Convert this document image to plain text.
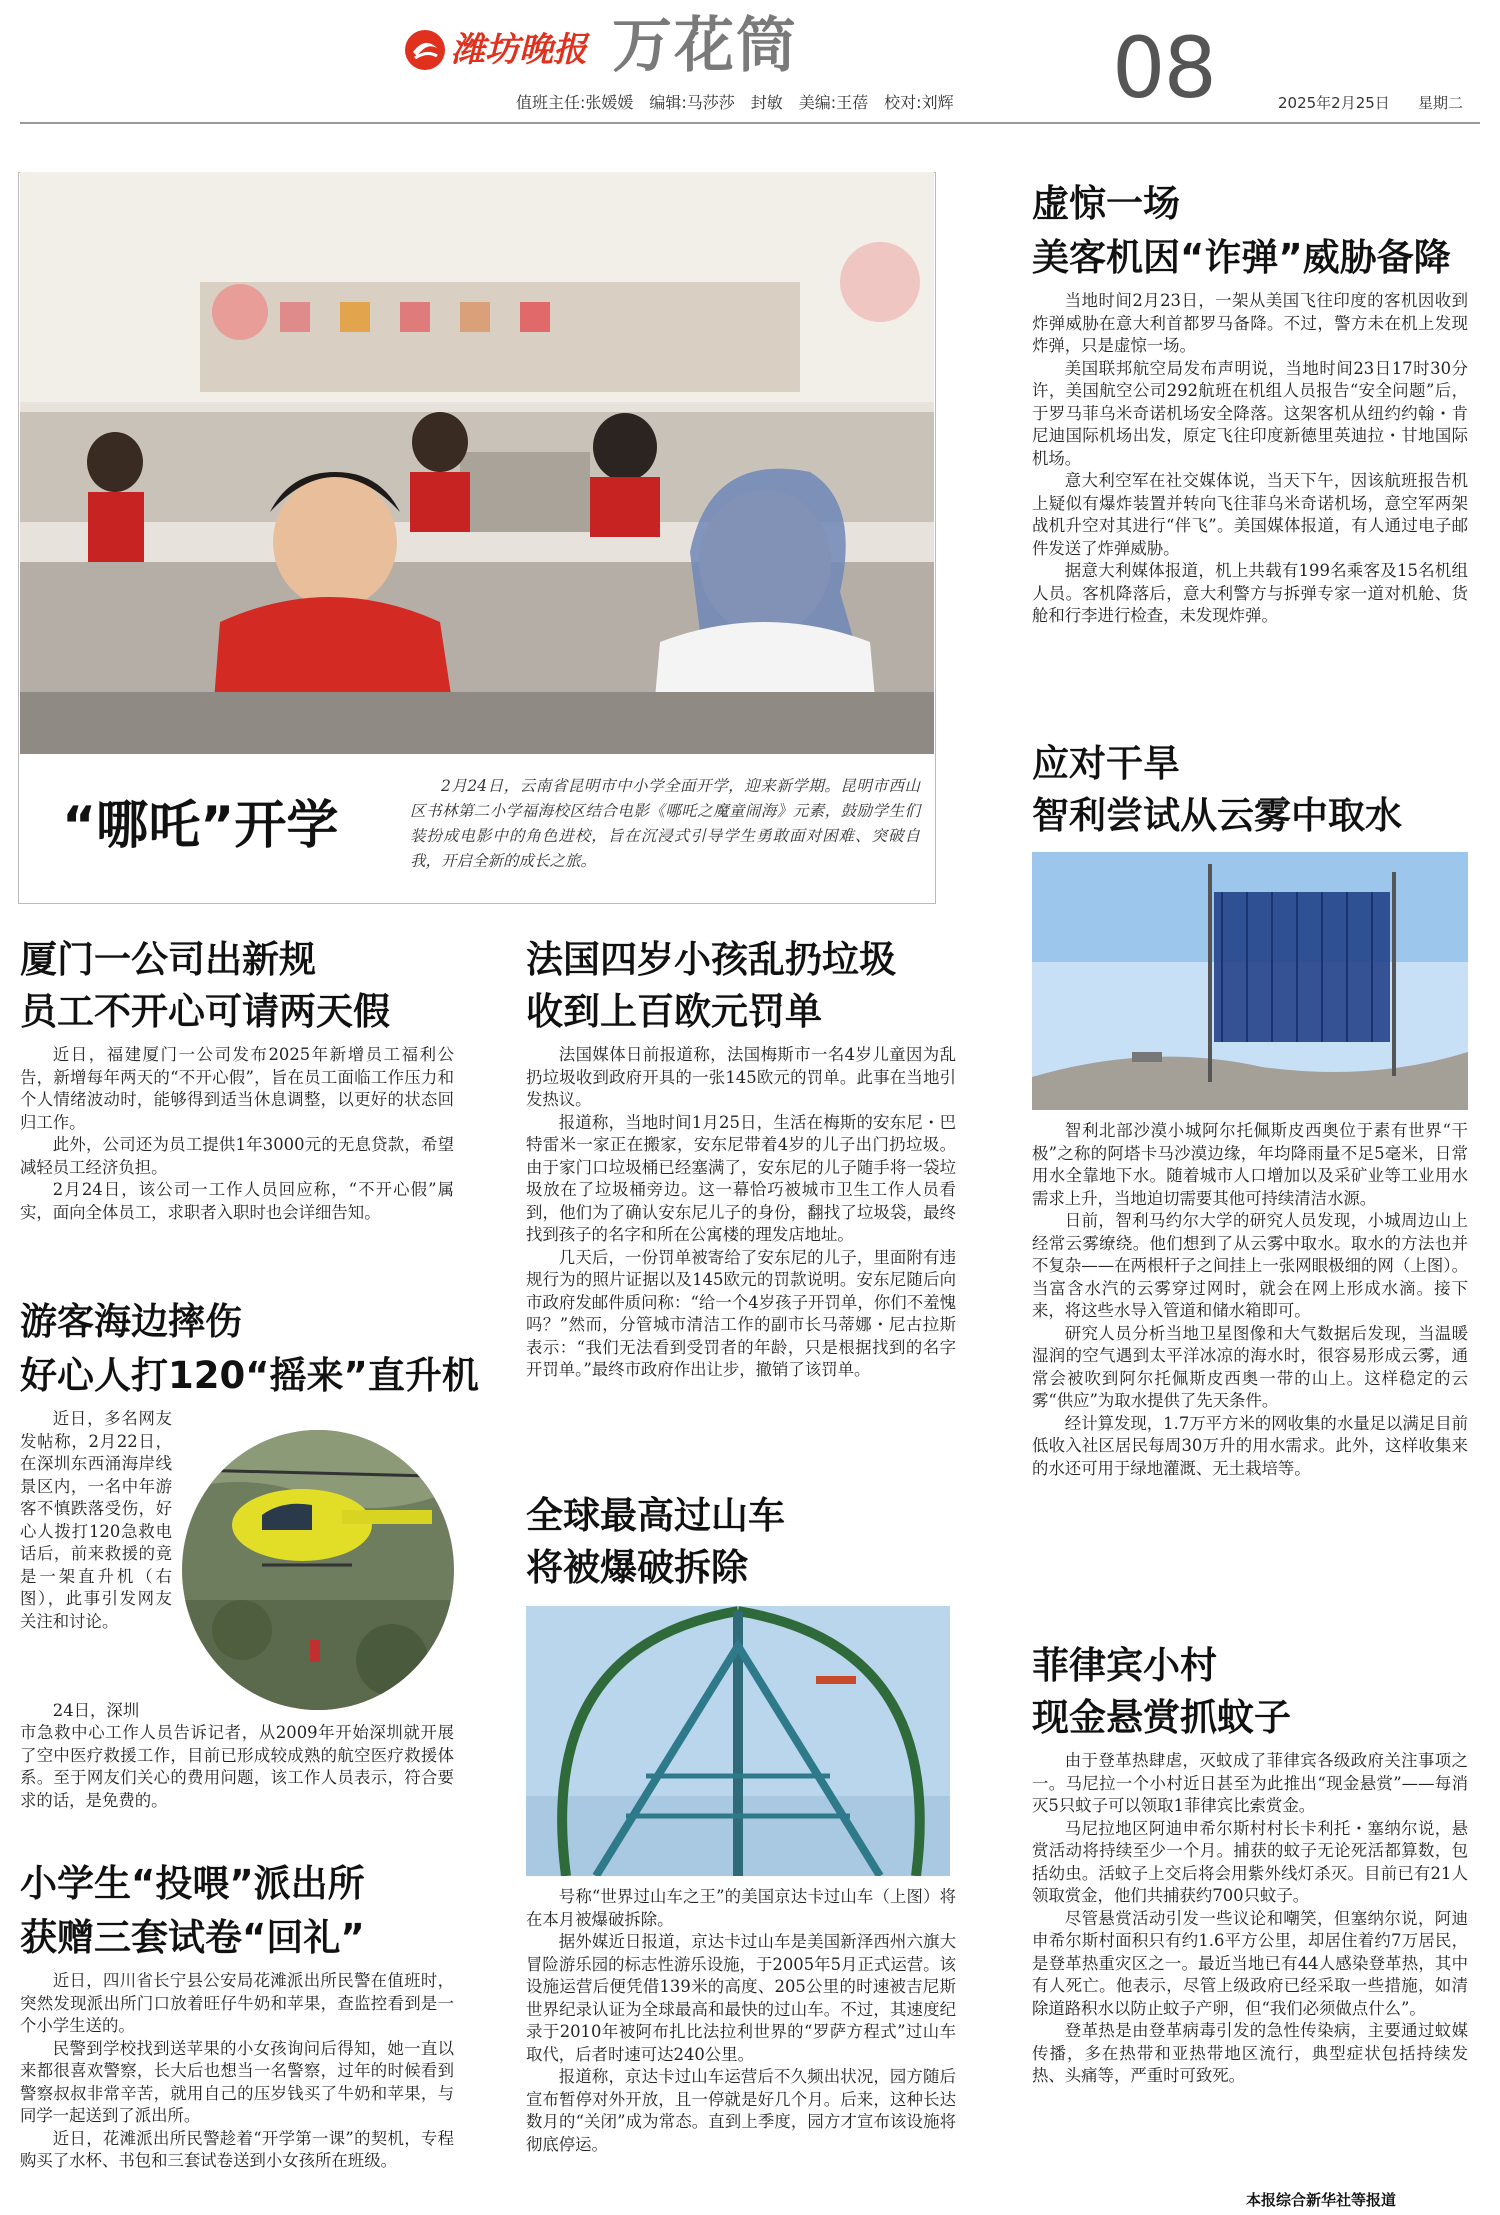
潍坊晚报 万花筒
值班主任:张媛媛　编辑:马莎莎　封敏　美编:王蓓　校对:刘辉 08	2025年2月25日 星期二
“哪吒”开学
2月24日，云南省昆明市中小学全面开学，迎来新学期。昆明市西山区书林第二小学福海校区结合电影《哪吒之魔童闹海》元素，鼓励学生们装扮成电影中的角色进校，旨在沉浸式引导学生勇敢面对困难、突破自我，开启全新的成长之旅。
厦门一公司出新规
员工不开心可请两天假

近日，福建厦门一公司发布2025年新增员工福利公告，新增每年两天的“不开心假”，旨在员工面临工作压力和个人情绪波动时，能够得到适当休息调整，以更好的状态回归工作。

此外，公司还为员工提供1年3000元的无息贷款，希望减轻员工经济负担。

2月24日，该公司一工作人员回应称，“不开心假”属实，面向全体员工，求职者入职时也会详细告知。

游客海边摔伤
好心人打120“摇来”直升机

近日，多名网友发帖称，2月22日，在深圳东西涌海岸线景区内，一名中年游客不慎跌落受伤，好心人拨打120急救电话后，前来救援的竟是一架直升机（右图），此事引发网友关注和讨论。

24日，深圳

市急救中心工作人员告诉记者，从2009年开始深圳就开展了空中医疗救援工作，目前已形成较成熟的航空医疗救援体系。至于网友们关心的费用问题，该工作人员表示，符合要求的话，是免费的。

小学生“投喂”派出所
获赠三套试卷“回礼”

近日，四川省长宁县公安局花滩派出所民警在值班时，突然发现派出所门口放着旺仔牛奶和苹果，查监控看到是一个小学生送的。

民警到学校找到送苹果的小女孩询问后得知，她一直以来都很喜欢警察，长大后也想当一名警察，过年的时候看到警察叔叔非常辛苦，就用自己的压岁钱买了牛奶和苹果，与同学一起送到了派出所。

近日，花滩派出所民警趁着“开学第一课”的契机，专程购买了水杯、书包和三套试卷送到小女孩所在班级。

法国四岁小孩乱扔垃圾
收到上百欧元罚单

法国媒体日前报道称，法国梅斯市一名4岁儿童因为乱扔垃圾收到政府开具的一张145欧元的罚单。此事在当地引发热议。

报道称，当地时间1月25日，生活在梅斯的安东尼・巴特雷米一家正在搬家，安东尼带着4岁的儿子出门扔垃圾。由于家门口垃圾桶已经塞满了，安东尼的儿子随手将一袋垃圾放在了垃圾桶旁边。这一幕恰巧被城市卫生工作人员看到，他们为了确认安东尼儿子的身份，翻找了垃圾袋，最终找到孩子的名字和所在公寓楼的理发店地址。

几天后，一份罚单被寄给了安东尼的儿子，里面附有违规行为的照片证据以及145欧元的罚款说明。安东尼随后向市政府发邮件质问称：“给一个4岁孩子开罚单，你们不羞愧吗？”然而，分管城市清洁工作的副市长马蒂娜・尼古拉斯表示：“我们无法看到受罚者的年龄，只是根据找到的名字开罚单。”最终市政府作出让步，撤销了该罚单。

全球最高过山车
将被爆破拆除

号称“世界过山车之王”的美国京达卡过山车（上图）将在本月被爆破拆除。

据外媒近日报道，京达卡过山车是美国新泽西州六旗大冒险游乐园的标志性游乐设施，于2005年5月正式运营。该设施运营后便凭借139米的高度、205公里的时速被吉尼斯世界纪录认证为全球最高和最快的过山车。不过，其速度纪录于2010年被阿布扎比法拉利世界的“罗萨方程式”过山车取代，后者时速可达240公里。

报道称，京达卡过山车运营后不久频出状况，园方随后宣布暂停对外开放，且一停就是好几个月。后来，这种长达数月的“关闭”成为常态。直到上季度，园方才宣布该设施将彻底停运。

虚惊一场
美客机因“诈弹”威胁备降

当地时间2月23日，一架从美国飞往印度的客机因收到炸弹威胁在意大利首都罗马备降。不过，警方未在机上发现炸弹，只是虚惊一场。

美国联邦航空局发布声明说，当地时间23日17时30分许，美国航空公司292航班在机组人员报告“安全问题”后，于罗马菲乌米奇诺机场安全降落。这架客机从纽约约翰・肯尼迪国际机场出发，原定飞往印度新德里英迪拉・甘地国际机场。

意大利空军在社交媒体说，当天下午，因该航班报告机上疑似有爆炸装置并转向飞往菲乌米奇诺机场，意空军两架战机升空对其进行“伴飞”。美国媒体报道，有人通过电子邮件发送了炸弹威胁。

据意大利媒体报道，机上共载有199名乘客及15名机组人员。客机降落后，意大利警方与拆弹专家一道对机舱、货舱和行李进行检查，未发现炸弹。

应对干旱
智利尝试从云雾中取水

智利北部沙漠小城阿尔托佩斯皮西奥位于素有世界“干极”之称的阿塔卡马沙漠边缘，年均降雨量不足5毫米，日常用水全靠地下水。随着城市人口增加以及采矿业等工业用水需求上升，当地迫切需要其他可持续清洁水源。

日前，智利马约尔大学的研究人员发现，小城周边山上经常云雾缭绕。他们想到了从云雾中取水。取水的方法也并不复杂——在两根杆子之间挂上一张网眼极细的网（上图）。当富含水汽的云雾穿过网时，就会在网上形成水滴。接下来，将这些水导入管道和储水箱即可。

研究人员分析当地卫星图像和大气数据后发现，当温暖湿润的空气遇到太平洋冰凉的海水时，很容易形成云雾，通常会被吹到阿尔托佩斯皮西奥一带的山上。这样稳定的云雾“供应”为取水提供了先天条件。

经计算发现，1.7万平方米的网收集的水量足以满足目前低收入社区居民每周30万升的用水需求。此外，这样收集来的水还可用于绿地灌溉、无土栽培等。

菲律宾小村
现金悬赏抓蚊子

由于登革热肆虐，灭蚊成了菲律宾各级政府关注事项之一。马尼拉一个小村近日甚至为此推出“现金悬赏”——每消灭5只蚊子可以领取1菲律宾比索赏金。

马尼拉地区阿迪申希尔斯村村长卡利托・塞纳尔说，悬赏活动将持续至少一个月。捕获的蚊子无论死活都算数，包括幼虫。活蚊子上交后将会用紫外线灯杀灭。目前已有21人领取赏金，他们共捕获约700只蚊子。

尽管悬赏活动引发一些议论和嘲笑，但塞纳尔说，阿迪申希尔斯村面积只有约1.6平方公里，却居住着约7万居民，是登革热重灾区之一。最近当地已有44人感染登革热，其中有人死亡。他表示，尽管上级政府已经采取一些措施，如清除道路积水以防止蚊子产卵，但“我们必须做点什么”。

登革热是由登革病毒引发的急性传染病，主要通过蚊媒传播，多在热带和亚热带地区流行，典型症状包括持续发热、头痛等，严重时可致死。

本报综合新华社等报道
